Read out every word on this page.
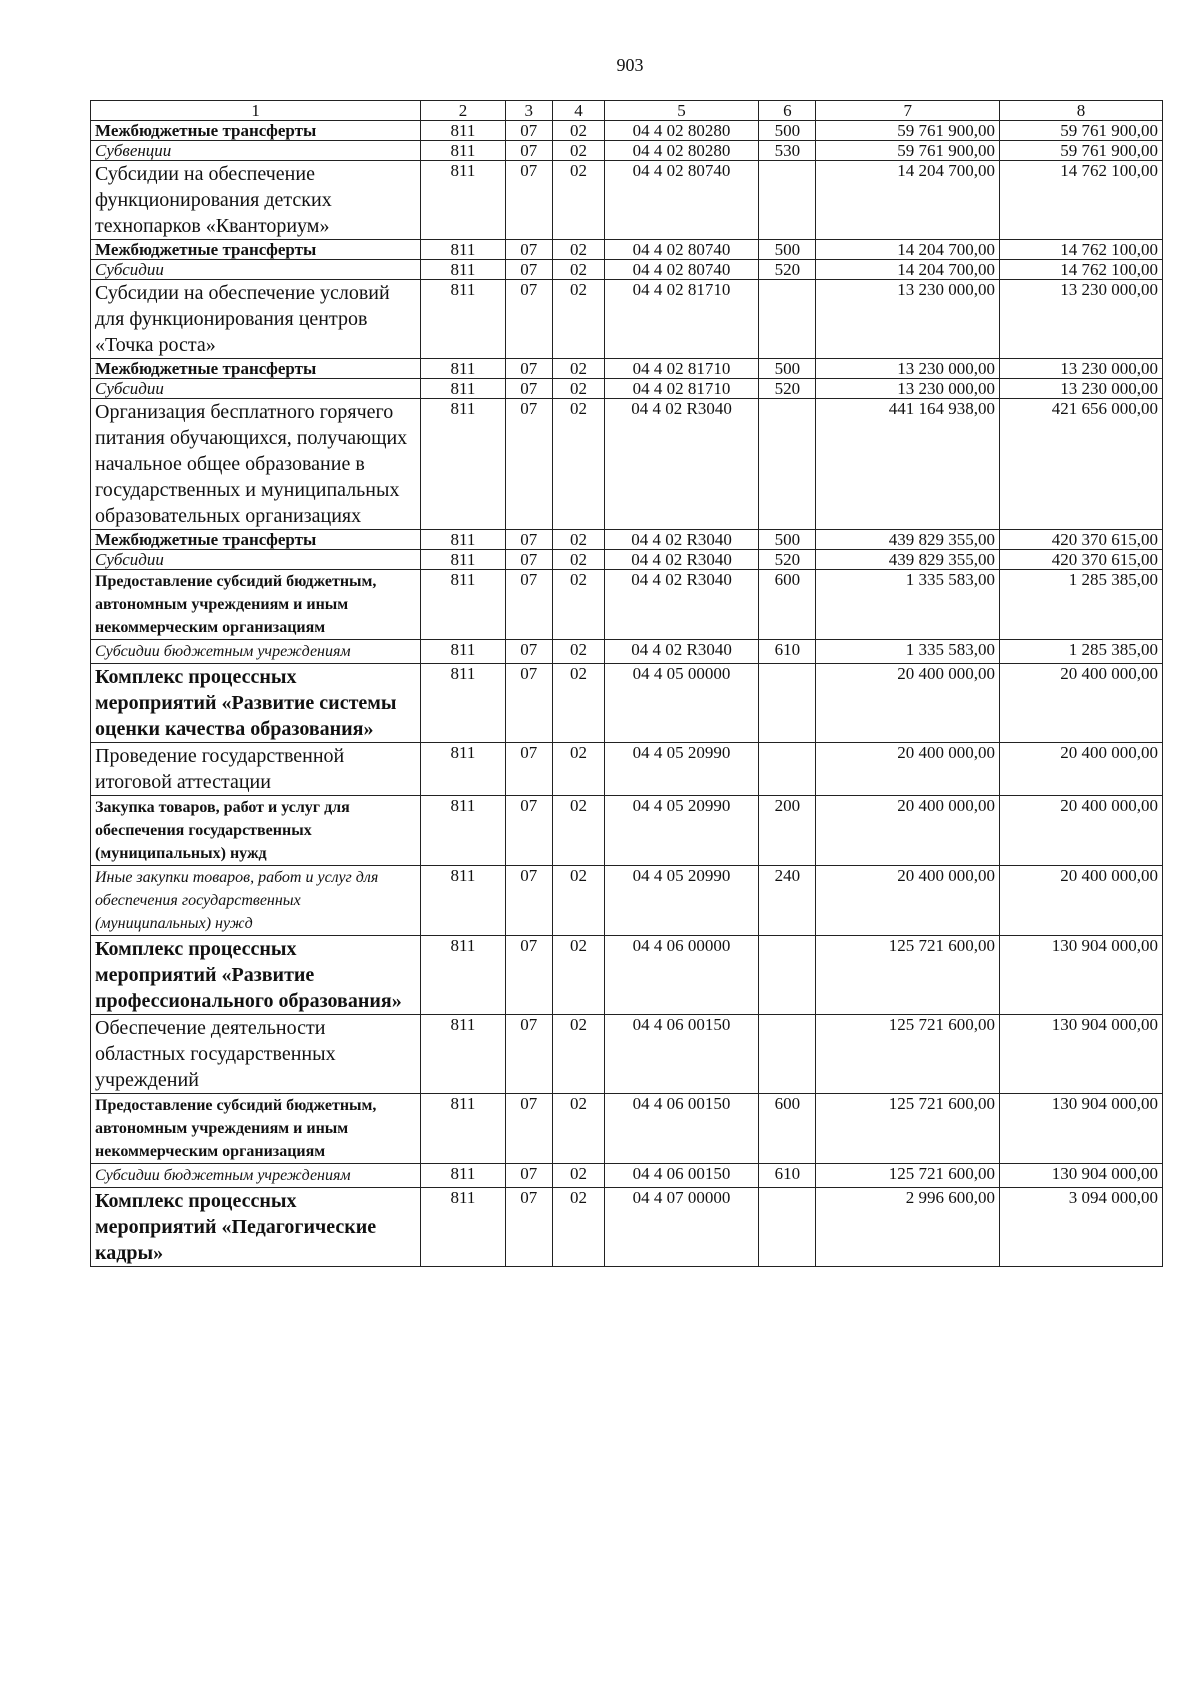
903
1	2	3	4	5	6	7	8
Межбюджетные трансферты	811	07	02	04 4 02 80280	500	59 761 900,00	59 761 900,00
Субвенции	811	07	02	04 4 02 80280	530	59 761 900,00	59 761 900,00
Субсидии на обеспечение функционирования детских технопарков «Кванториум»	811	07	02	04 4 02 80740		14 204 700,00	14 762 100,00
Межбюджетные трансферты	811	07	02	04 4 02 80740	500	14 204 700,00	14 762 100,00
Субсидии	811	07	02	04 4 02 80740	520	14 204 700,00	14 762 100,00
Субсидии на обеспечение условий для функционирования центров «Точка роста»	811	07	02	04 4 02 81710		13 230 000,00	13 230 000,00
Межбюджетные трансферты	811	07	02	04 4 02 81710	500	13 230 000,00	13 230 000,00
Субсидии	811	07	02	04 4 02 81710	520	13 230 000,00	13 230 000,00
Организация бесплатного горячего питания обучающихся, получающих начальное общее образование в государственных и муниципальных образовательных организациях	811	07	02	04 4 02 R3040		441 164 938,00	421 656 000,00
Межбюджетные трансферты	811	07	02	04 4 02 R3040	500	439 829 355,00	420 370 615,00
Субсидии	811	07	02	04 4 02 R3040	520	439 829 355,00	420 370 615,00
Предоставление субсидий бюджетным, автономным учреждениям и иным некоммерческим организациям	811	07	02	04 4 02 R3040	600	1 335 583,00	1 285 385,00
Субсидии бюджетным учреждениям	811	07	02	04 4 02 R3040	610	1 335 583,00	1 285 385,00
Комплекс процессных мероприятий «Развитие системы оценки качества образования»	811	07	02	04 4 05 00000		20 400 000,00	20 400 000,00
Проведение государственной итоговой аттестации	811	07	02	04 4 05 20990		20 400 000,00	20 400 000,00
Закупка товаров, работ и услуг для обеспечения государственных (муниципальных) нужд	811	07	02	04 4 05 20990	200	20 400 000,00	20 400 000,00
Иные закупки товаров, работ и услуг для обеспечения государственных (муниципальных) нужд	811	07	02	04 4 05 20990	240	20 400 000,00	20 400 000,00
Комплекс процессных мероприятий «Развитие профессионального образования»	811	07	02	04 4 06 00000		125 721 600,00	130 904 000,00
Обеспечение деятельности областных государственных учреждений	811	07	02	04 4 06 00150		125 721 600,00	130 904 000,00
Предоставление субсидий бюджетным, автономным учреждениям и иным некоммерческим организациям	811	07	02	04 4 06 00150	600	125 721 600,00	130 904 000,00
Субсидии бюджетным учреждениям	811	07	02	04 4 06 00150	610	125 721 600,00	130 904 000,00
Комплекс процессных мероприятий «Педагогические кадры»	811	07	02	04 4 07 00000		2 996 600,00	3 094 000,00
